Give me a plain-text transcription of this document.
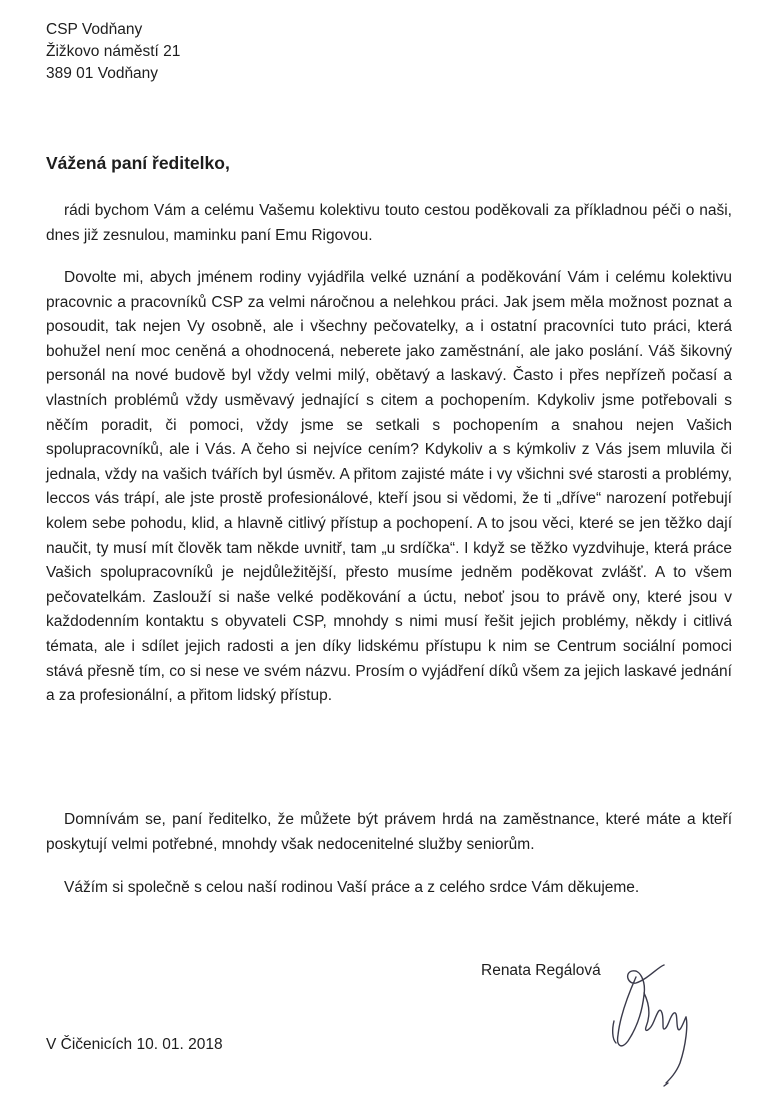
CSP Vodňany
Žižkovo náměstí 21
389 01 Vodňany
Vážená paní ředitelko,
rádi bychom Vám a celému Vašemu kolektivu touto cestou poděkovali za příkladnou péči o naši, dnes již zesnulou, maminku paní Emu Rigovou.
Dovolte mi, abych jménem rodiny vyjádřila velké uznání a poděkování Vám i celému kolektivu pracovnic a pracovníků CSP za velmi náročnou a nelehkou práci. Jak jsem měla možnost poznat a posoudit, tak nejen Vy osobně, ale i všechny pečovatelky, a i ostatní pracovníci tuto práci, která bohužel není moc ceněná a ohodnocená, neberete jako zaměstnání, ale jako poslání. Váš šikovný personál na nové budově byl vždy velmi milý, obětavý a laskavý. Často i přes nepřízeň počasí a vlastních problémů vždy usměvavý jednající s citem a pochopením. Kdykoliv jsme potřebovali s něčím poradit, či pomoci, vždy jsme se setkali s pochopením a snahou nejen Vašich spolupracovníků, ale i Vás. A čeho si nejvíce cením? Kdykoliv a s kýmkoliv z Vás jsem mluvila či jednala, vždy na vašich tvářích byl úsměv. A přitom zajisté máte i vy všichni své starosti a problémy, leccos vás trápí, ale jste prostě profesionálové, kteří jsou si vědomi, že ti „dříve“ narození potřebují kolem sebe pohodu, klid, a hlavně citlivý přístup a pochopení. A to jsou věci, které se jen těžko dají naučit, ty musí mít člověk tam někde uvnitř, tam „u srdíčka“. I když se těžko vyzdvihuje, která práce Vašich spolupracovníků je nejdůležitější, přesto musíme jedněm poděkovat zvlášť. A to všem pečovatelkám. Zaslouží si naše velké poděkování a úctu, neboť jsou to právě ony, které jsou v každodenním kontaktu s obyvateli CSP, mnohdy s nimi musí řešit jejich problémy, někdy i citlivá témata, ale i sdílet jejich radosti a jen díky lidskému přístupu k nim se Centrum sociální pomoci stává přesně tím, co si nese ve svém názvu. Prosím o vyjádření díků všem za jejich laskavé jednání a za profesionální, a přitom lidský přístup.
Domnívám se, paní ředitelko, že můžete být právem hrdá na zaměstnance, které máte a kteří poskytují velmi potřebné, mnohdy však nedocenitelné služby seniorům.
Vážím si společně s celou naší rodinou Vaší práce a z celého srdce Vám děkujeme.
Renata Regálová
V Čičenicích 10. 01. 2018
